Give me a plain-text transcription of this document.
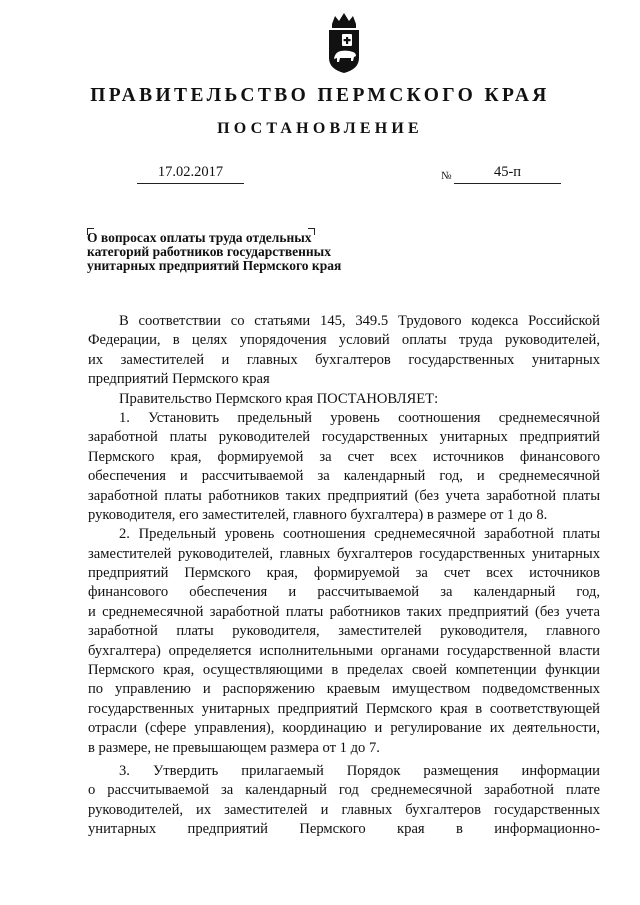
ПРАВИТЕЛЬСТВО ПЕРМСКОГО КРАЯ
ПОСТАНОВЛЕНИЕ
17.02.2017	№	45-п
О вопросах оплаты труда отдельных
категорий работников государственных
унитарных предприятий Пермского края
В соответствии со статьями 145, 349.5 Трудового кодекса Российской
Федерации, в целях упорядочения условий оплаты труда руководителей,
их заместителей и главных бухгалтеров государственных унитарных
предприятий Пермского края
Правительство Пермского края ПОСТАНОВЛЯЕТ:
1. Установить предельный уровень соотношения среднемесячной
заработной платы руководителей государственных унитарных предприятий
Пермского края, формируемой за счет всех источников финансового
обеспечения и рассчитываемой за календарный год, и среднемесячной
заработной платы работников таких предприятий (без учета заработной платы
руководителя, его заместителей, главного бухгалтера) в размере от 1 до 8.
2. Предельный уровень соотношения среднемесячной заработной платы
заместителей руководителей, главных бухгалтеров государственных унитарных
предприятий Пермского края, формируемой за счет всех источников
финансового обеспечения и рассчитываемой за календарный год,
и среднемесячной заработной платы работников таких предприятий (без учета
заработной платы руководителя, заместителей руководителя, главного
бухгалтера) определяется исполнительными органами государственной власти
Пермского края, осуществляющими в пределах своей компетенции функции
по управлению и распоряжению краевым имуществом подведомственных
государственных унитарных предприятий Пермского края в соответствующей
отрасли (сфере управления), координацию и регулирование их деятельности,
в размере, не превышающем размера от 1 до 7.
3. Утвердить прилагаемый Порядок размещения информации
о рассчитываемой за календарный год среднемесячной заработной плате
руководителей, их заместителей и главных бухгалтеров государственных
унитарных предприятий Пермского края в информационно-
